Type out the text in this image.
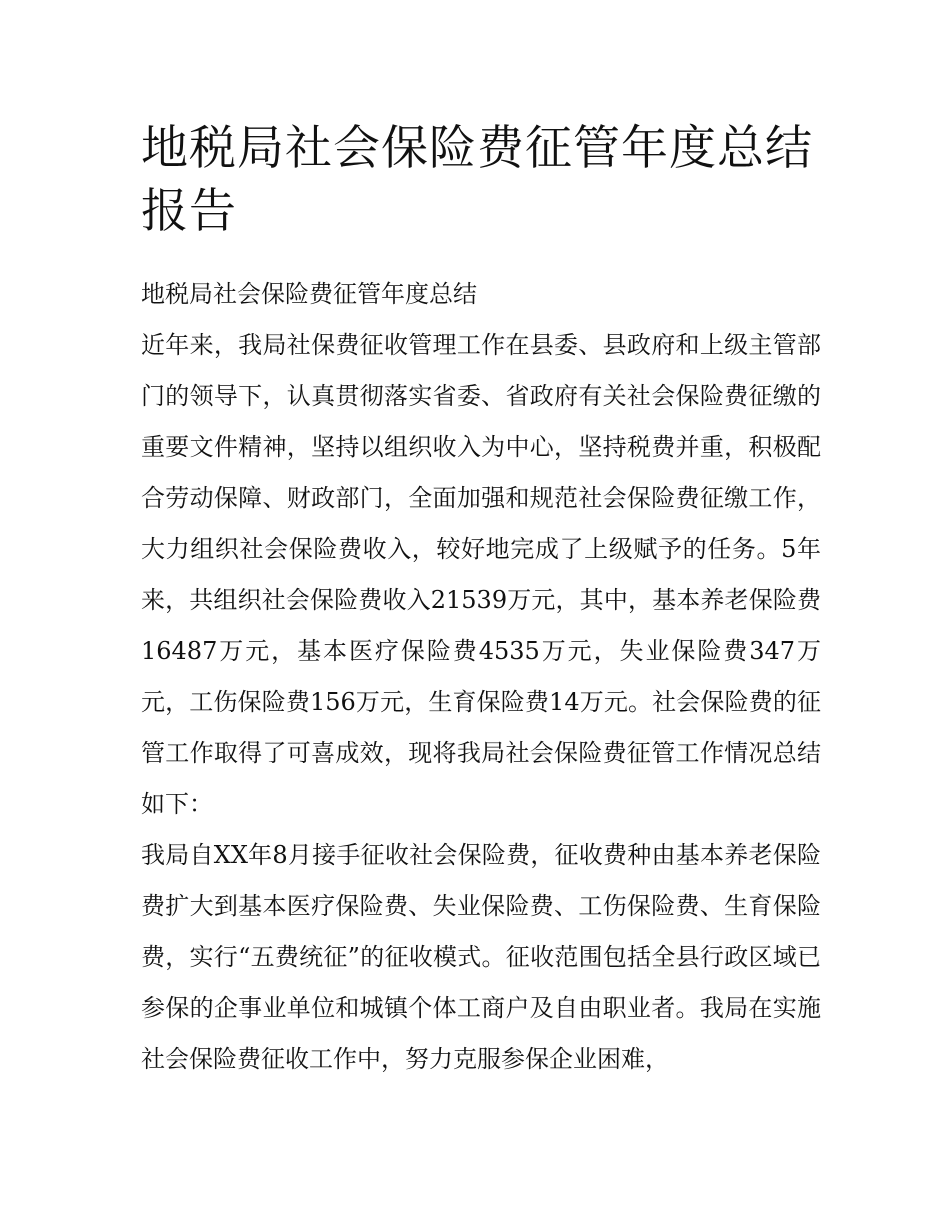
地税局社会保险费征管年度总结报告

地税局社会保险费征管年度总结

近年来，我局社保费征收管理工作在县委、县政府和上级主管部门的领导下，认真贯彻落实省委、省政府有关社会保险费征缴的重要文件精神，坚持以组织收入为中心，坚持税费并重，积极配合劳动保障、财政部门，全面加强和规范社会保险费征缴工作，大力组织社会保险费收入，较好地完成了上级赋予的任务。5年来，共组织社会保险费收入21539万元，其中，基本养老保险费16487万元，基本医疗保险费4535万元，失业保险费347万元，工伤保险费156万元，生育保险费14万元。社会保险费的征管工作取得了可喜成效，现将我局社会保险费征管工作情况总结如下：

我局自XX年8月接手征收社会保险费，征收费种由基本养老保险费扩大到基本医疗保险费、失业保险费、工伤保险费、生育保险费，实行“五费统征”的征收模式。征收范围包括全县行政区域已参保的企事业单位和城镇个体工商户及自由职业者。我局在实施社会保险费征收工作中，努力克服参保企业困难，
